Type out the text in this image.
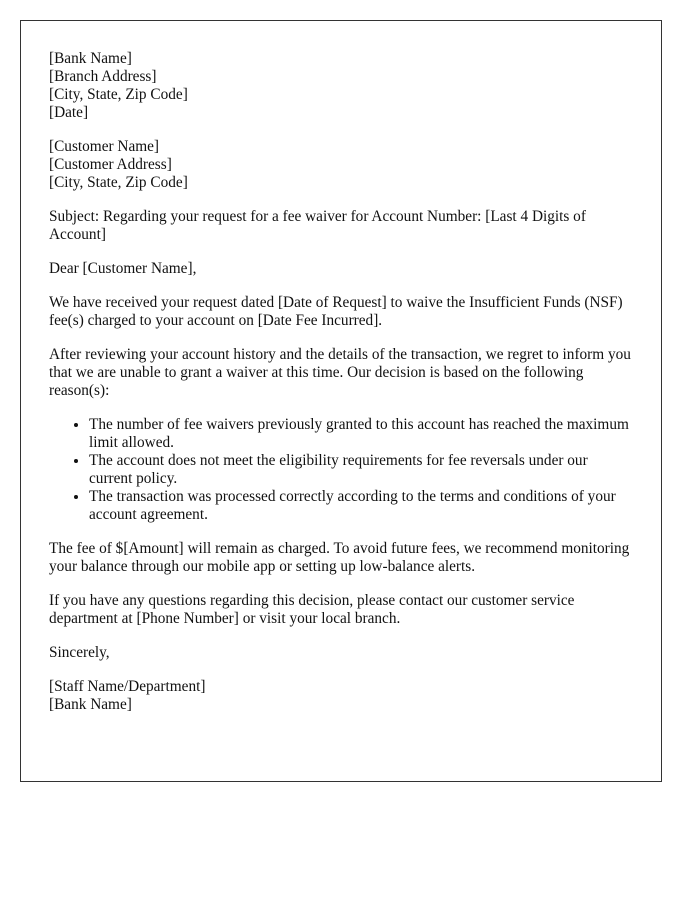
[Bank Name]
[Branch Address]
[City, State, Zip Code]
[Date]
[Customer Name]
[Customer Address]
[City, State, Zip Code]

Subject: Regarding your request for a fee waiver for Account Number: [Last 4 Digits of Account]

Dear [Customer Name],

We have received your request dated [Date of Request] to waive the Insufficient Funds (NSF) fee(s) charged to your account on [Date Fee Incurred].

After reviewing your account history and the details of the transaction, we regret to inform you that we are unable to grant a waiver at this time. Our decision is based on the following reason(s):

• The number of fee waivers previously granted to this account has reached the maximum limit allowed.
• The account does not meet the eligibility requirements for fee reversals under our current policy.
• The transaction was processed correctly according to the terms and conditions of your account agreement.

The fee of $[Amount] will remain as charged. To avoid future fees, we recommend monitoring your balance through our mobile app or setting up low-balance alerts.

If you have any questions regarding this decision, please contact our customer service department at [Phone Number] or visit your local branch.

Sincerely,

[Staff Name/Department]
[Bank Name]
